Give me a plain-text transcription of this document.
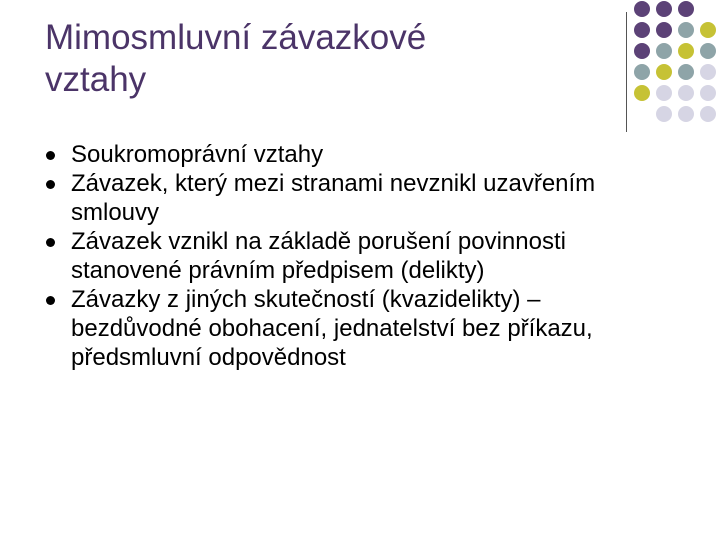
Mimosmluvní závazkové
vztahy
Soukromoprávní vztahy
Závazek, který mezi stranami nevznikl uzavřením smlouvy
Závazek vznikl na základě porušení povinnosti stanovené právním předpisem (delikty)
Závazky z jiných skutečností (kvazidelikty) – bezdůvodné obohacení, jednatelství bez příkazu, předsmluvní odpovědnost
